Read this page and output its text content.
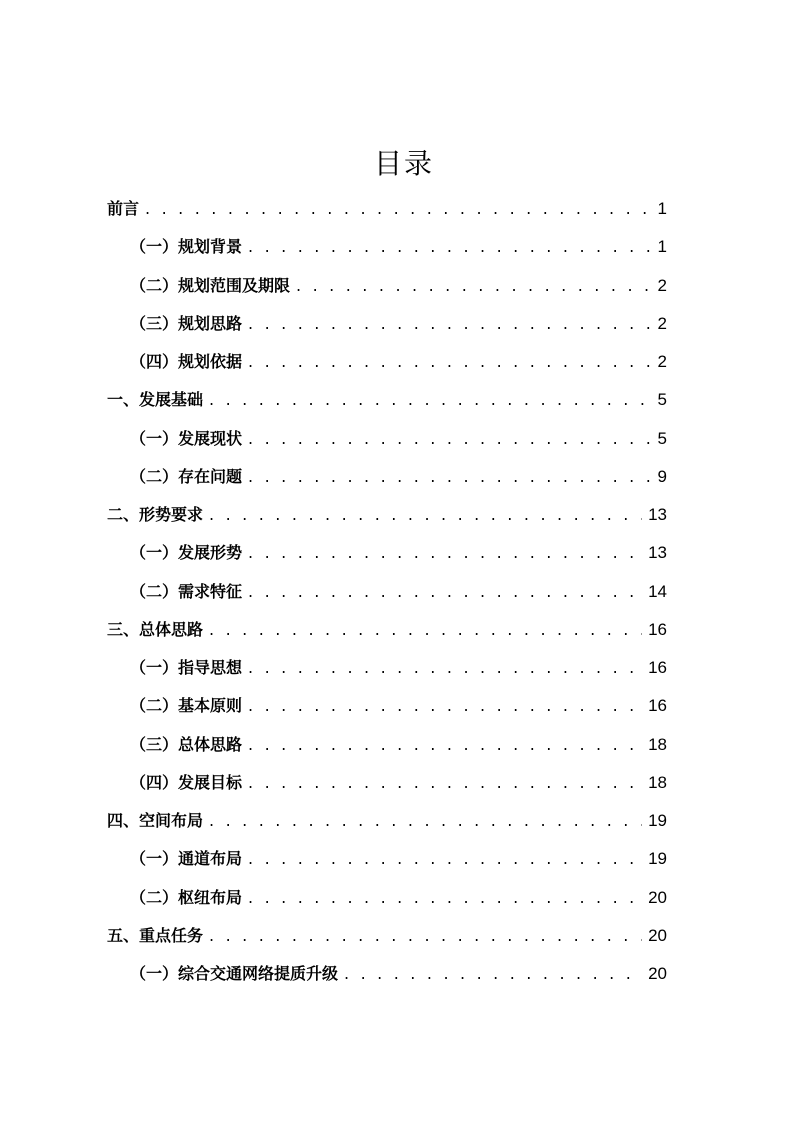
目录
前言 . . .	1
（一）规划背景 . . .	1
（二）规划范围及期限 . . .	2
（三）规划思路 . . .	2
（四）规划依据 . . .	2
一、发展基础 . . .	5
（一）发展现状 . . .	5
（二）存在问题 . . .	9
二、形势要求 . . .	13
（一）发展形势 . . .	13
（二）需求特征 . . .	14
三、总体思路 . . .	16
（一）指导思想 . . .	16
（二）基本原则 . . .	16
（三）总体思路 . . .	18
（四）发展目标 . . .	18
四、空间布局 . . .	19
（一）通道布局 . . .	19
（二）枢纽布局 . . .	20
五、重点任务 . . .	20
（一）综合交通网络提质升级 . . .	20
